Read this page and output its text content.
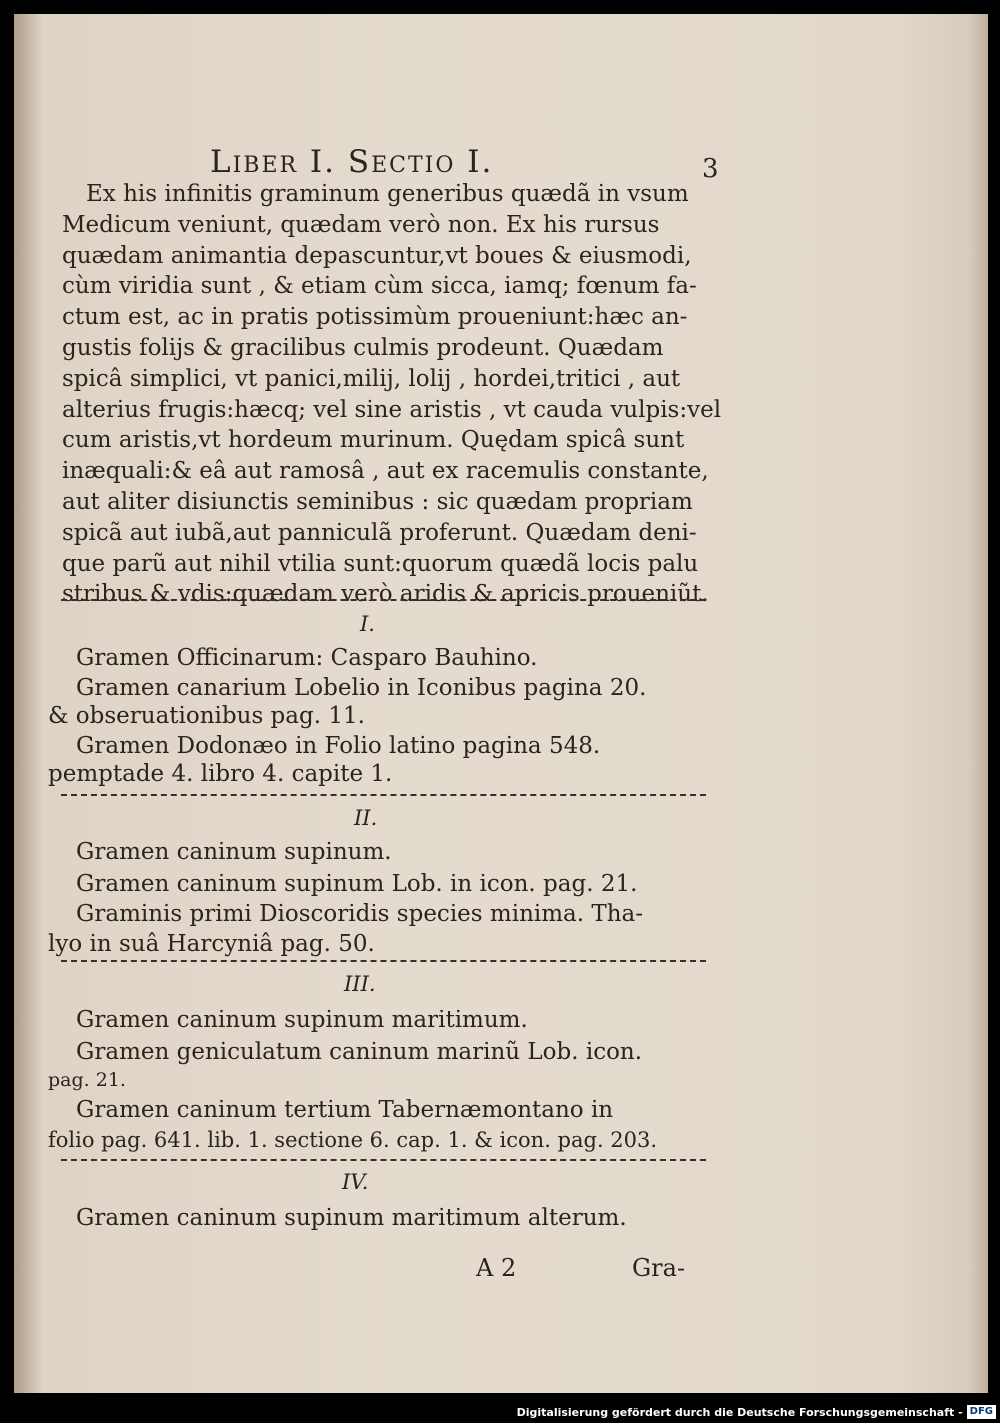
Liber I. Sectio I.	3
Ex his infinitis graminum generibus quædã in vsum
Medicum veniunt, quædam verò non. Ex his rursus
quædam animantia depascuntur,vt boues & eiusmodi,
cùm viridia sunt , & etiam cùm sicca, iamq; fœnum fa-
ctum est, ac in pratis potissimùm proueniunt:hæc an-
gustis folijs & gracilibus culmis prodeunt. Quædam
spicâ simplici, vt panici,milij, lolij , hordei,tritici , aut
alterius frugis:hæcq; vel sine aristis , vt cauda vulpis:vel
cum aristis,vt hordeum murinum. Quędam spicâ sunt
inæquali:& eâ aut ramosâ , aut ex racemulis constante,
aut aliter disiunctis seminibus : sic quædam propriam
spicã aut iubã,aut panniculã proferunt. Quædam deni-
que parũ aut nihil vtilia sunt:quorum quædã locis palu
stribus & vdis:quædam verò aridis & apricis proueniũt.
I.
Gramen Officinarum: Casparo Bauhino.
Gramen canarium Lobelio in Iconibus pagina 20.
& obseruationibus pag. 11.
Gramen Dodonæo in Folio latino pagina 548.
pemptade 4. libro 4. capite 1.
II.
Gramen caninum supinum.
Gramen caninum supinum Lob. in icon. pag. 21.
Graminis primi Dioscoridis species minima. Tha-
lyo in suâ Harcyniâ pag. 50.
III.
Gramen caninum supinum maritimum.
Gramen geniculatum caninum marinũ Lob. icon.
pag. 21.
Gramen caninum tertium Tabernæmontano in
folio pag. 641. lib. 1. sectione 6. cap. 1. & icon. pag. 203.
IV.
Gramen caninum supinum maritimum alterum.
A 2	Gra-
Digitalisierung gefördert durch die Deutsche Forschungsgemeinschaft - DFG
